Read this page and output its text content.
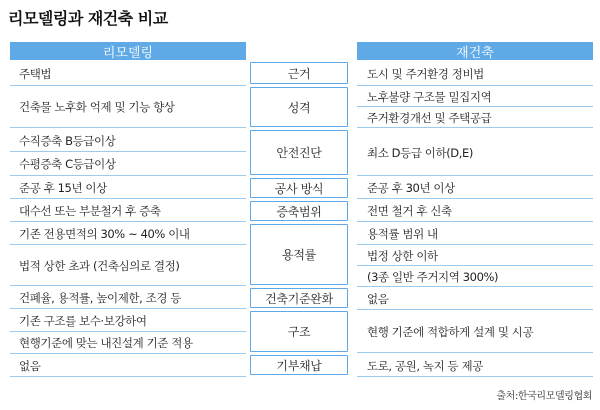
리모델링과 재건축 비교
리모델링	재건축
주택법
건축물 노후화 억제 및 기능 향상
수직증축 B등급이상
수평증축 C등급이상
준공 후 15년 이상
대수선 또는 부분철거 후 증축
기존 전용면적의 30% ~ 40% 이내
법적 상한 초과 (건축심의로 결정)
건폐율, 용적률, 높이제한, 조경 등
기존 구조를 보수·보강하여
현행기준에 맞는 내진설계 기준 적용
없음
근거
성격
안전진단
공사 방식
증축범위
용적률
건축기준완화
구조
기부채납
도시 및 주거환경 정비법
노후불량 구조물 밀집지역
주거환경개선 및 주택공급
최소 D등급 이하(D,E)
준공 후 30년 이상
전면 철거 후 신축
용적률 범위 내
법정 상한 이하
(3종 일반 주거지역 300%)
없음
현행 기준에 적합하게 설계 및 시공
도로, 공원, 녹지 등 제공
출처:한국리모델링협회
